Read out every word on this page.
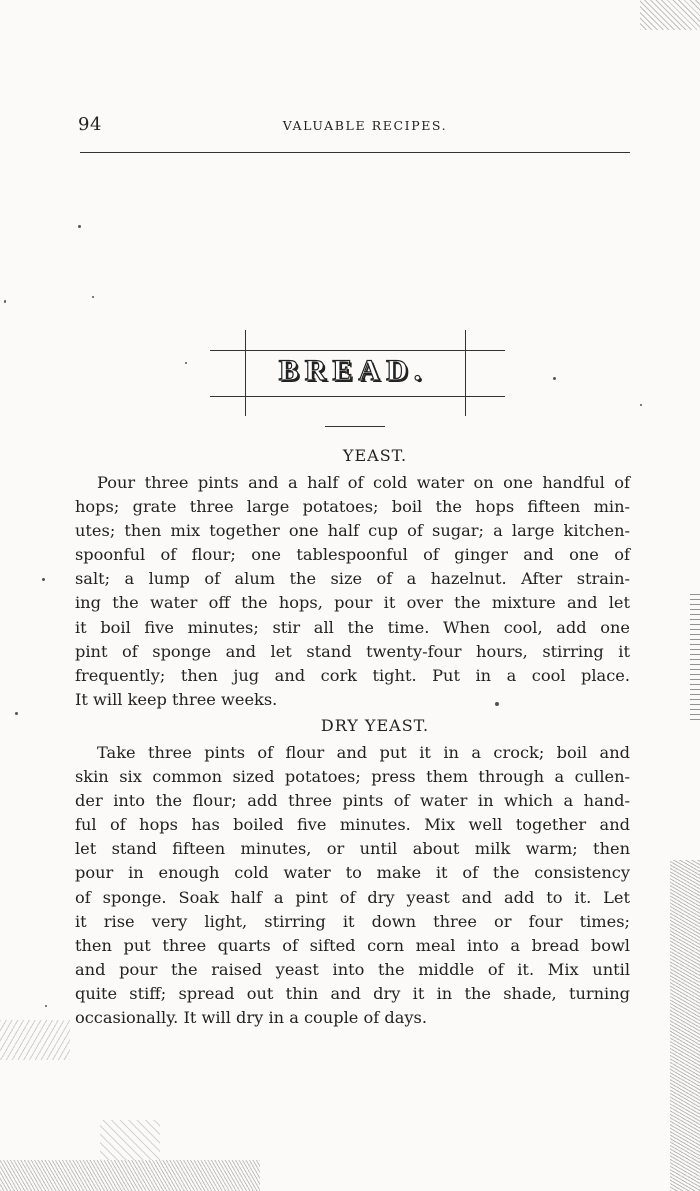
94	VALUABLE RECIPES.
BREAD.
YEAST.
Pour three pints and a half of cold water on one handful of
hops; grate three large potatoes; boil the hops fifteen min-
utes; then mix together one half cup of sugar; a large kitchen-
spoonful of flour; one tablespoonful of ginger and one of
salt; a lump of alum the size of a hazelnut. After strain-
ing the water off the hops, pour it over the mixture and let
it boil five minutes; stir all the time. When cool, add one
pint of sponge and let stand twenty-four hours, stirring it
frequently; then jug and cork tight. Put in a cool place.
It will keep three weeks.
DRY YEAST.
Take three pints of flour and put it in a crock; boil and
skin six common sized potatoes; press them through a cullen-
der into the flour; add three pints of water in which a hand-
ful of hops has boiled five minutes. Mix well together and
let stand fifteen minutes, or until about milk warm; then
pour in enough cold water to make it of the consistency
of sponge. Soak half a pint of dry yeast and add to it. Let
it rise very light, stirring it down three or four times;
then put three quarts of sifted corn meal into a bread bowl
and pour the raised yeast into the middle of it. Mix until
quite stiff; spread out thin and dry it in the shade, turning
occasionally. It will dry in a couple of days.
